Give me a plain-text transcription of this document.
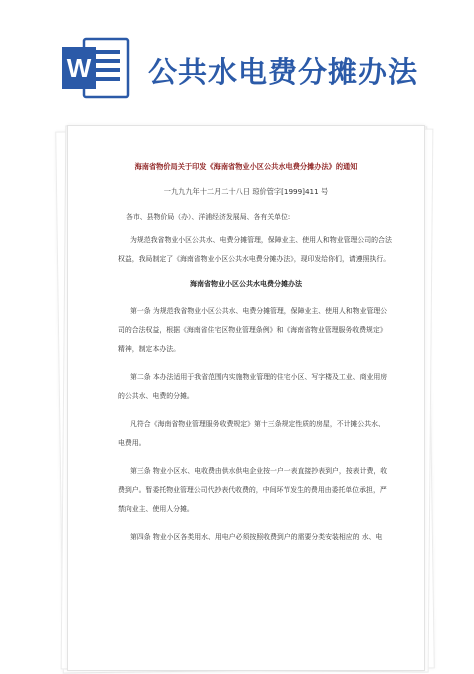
W 公共水电费分摊办法
海南省物价局关于印发《海南省物业小区公共水电费分摊办法》的通知
一九九九年十二月二十八日 琼价管字[1999]411 号
各市、县物价局（办）、洋浦经济发展局、各有关单位:
为规范我省物业小区公共水、电费分摊管理，保障业主、使用人和物业管理公司的合法
权益，我局制定了《海南省物业小区公共水电费分摊办法》，现印发给你们，请遵照执行。
海南省物业小区公共水电费分摊办法
第一条 为规范我省物业小区公共水、电费分摊管理，保障业主、使用人和物业管理公
司的合法权益，根据《海南省住宅区物业管理条例》和《海南省物业管理服务收费规定》
精神，制定本办法。
第二条 本办法适用于我省范围内实施物业管理的住宅小区、写字楼及工业、商业用房
的公共水、电费的分摊。
凡符合《海南省物业管理服务收费规定》第十三条规定性质的房屋，不计摊公共水、
电费用。
第三条 物业小区水、电收费由供水供电企业按一户一表直接抄表到户，按表计费，收
费到户。暂委托物业管理公司代抄表代收费的，中间环节发生的费用由委托单位承担，严
禁向业主、使用人分摊。
第四条 物业小区各类用水、用电户必须按照收费到户的需要分类安装相应的 水、电
